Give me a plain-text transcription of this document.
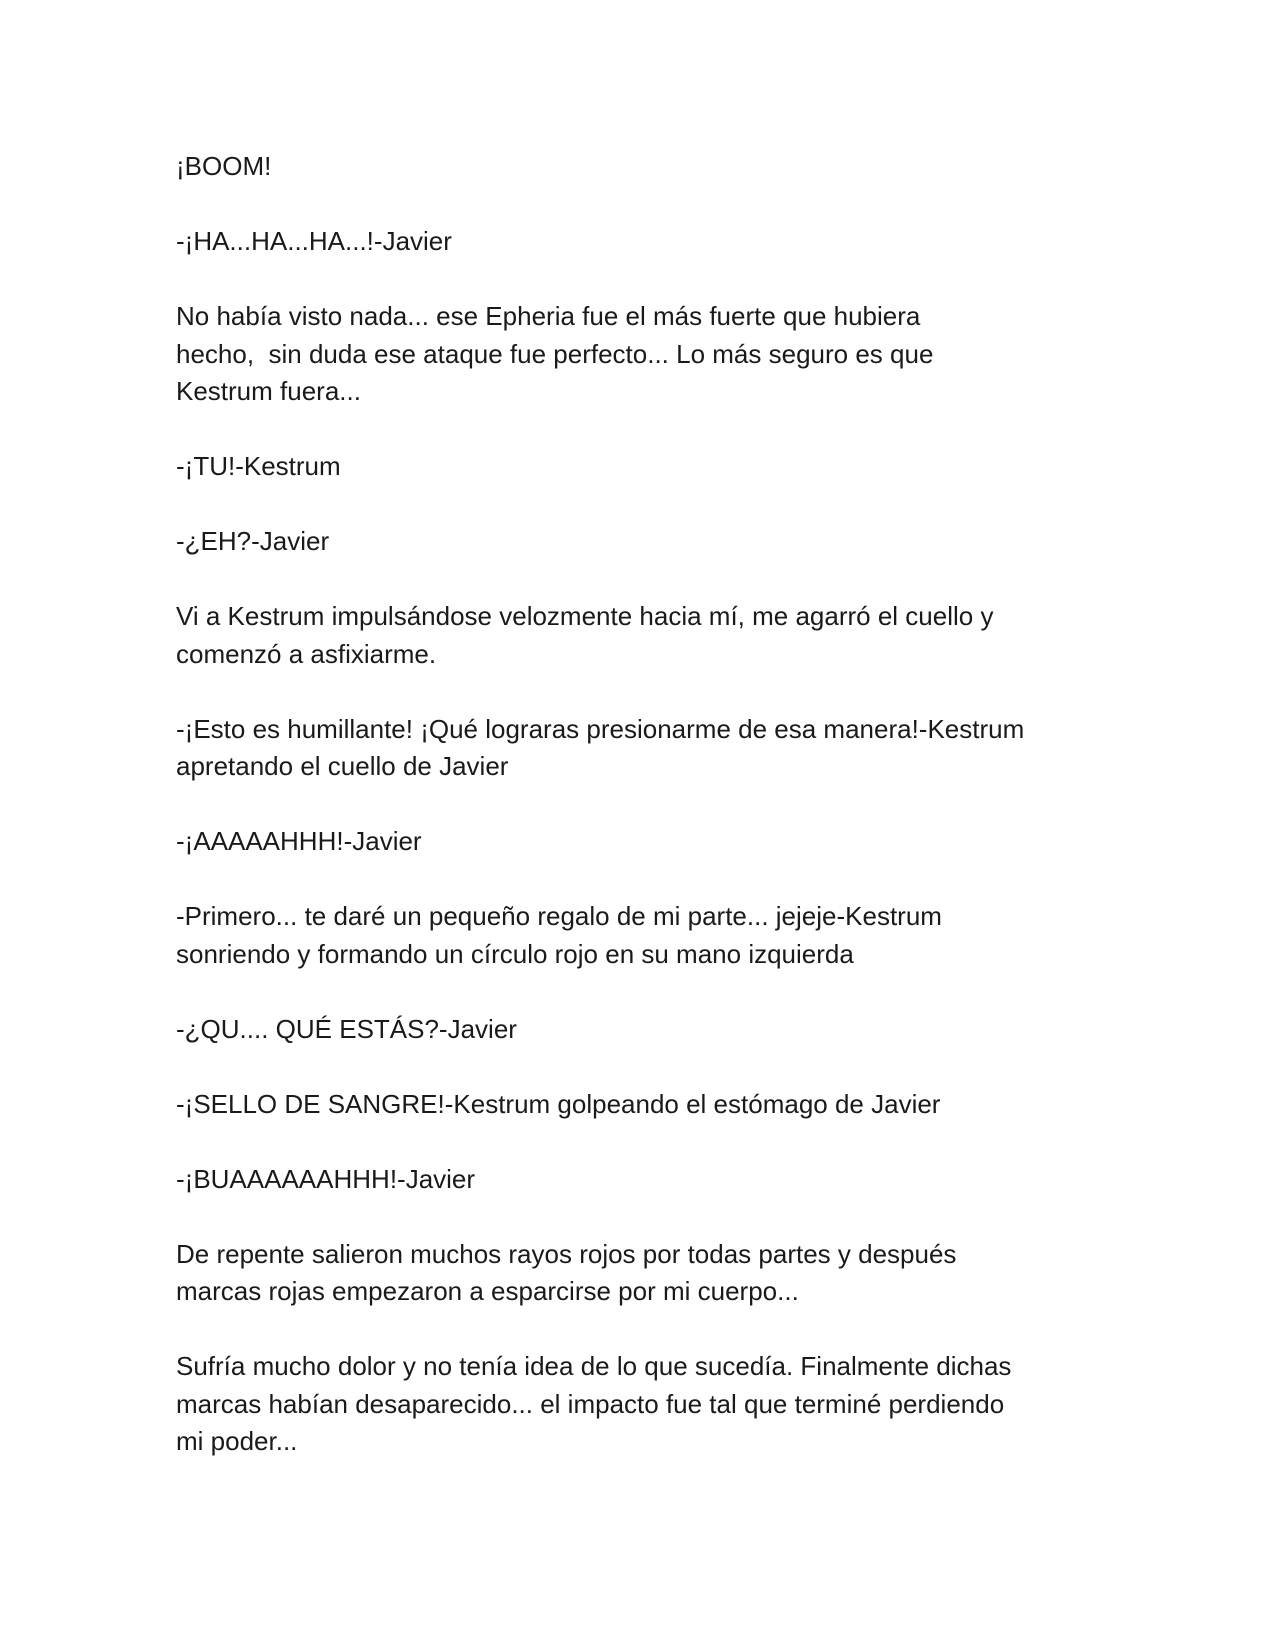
¡BOOM!

-¡HA...HA...HA...!-Javier

No había visto nada... ese Epheria fue el más fuerte que hubiera
hecho,  sin duda ese ataque fue perfecto... Lo más seguro es que
Kestrum fuera...

-¡TU!-Kestrum

-¿EH?-Javier

Vi a Kestrum impulsándose velozmente hacia mí, me agarró el cuello y
comenzó a asfixiarme.

-¡Esto es humillante! ¡Qué lograras presionarme de esa manera!-Kestrum
apretando el cuello de Javier

-¡AAAAAHHH!-Javier

-Primero... te daré un pequeño regalo de mi parte... jejeje-Kestrum
sonriendo y formando un círculo rojo en su mano izquierda

-¿QU.... QUÉ ESTÁS?-Javier

-¡SELLO DE SANGRE!-Kestrum golpeando el estómago de Javier

-¡BUAAAAAAHHH!-Javier

De repente salieron muchos rayos rojos por todas partes y después
marcas rojas empezaron a esparcirse por mi cuerpo...

Sufría mucho dolor y no tenía idea de lo que sucedía. Finalmente dichas
marcas habían desaparecido... el impacto fue tal que terminé perdiendo
mi poder...
